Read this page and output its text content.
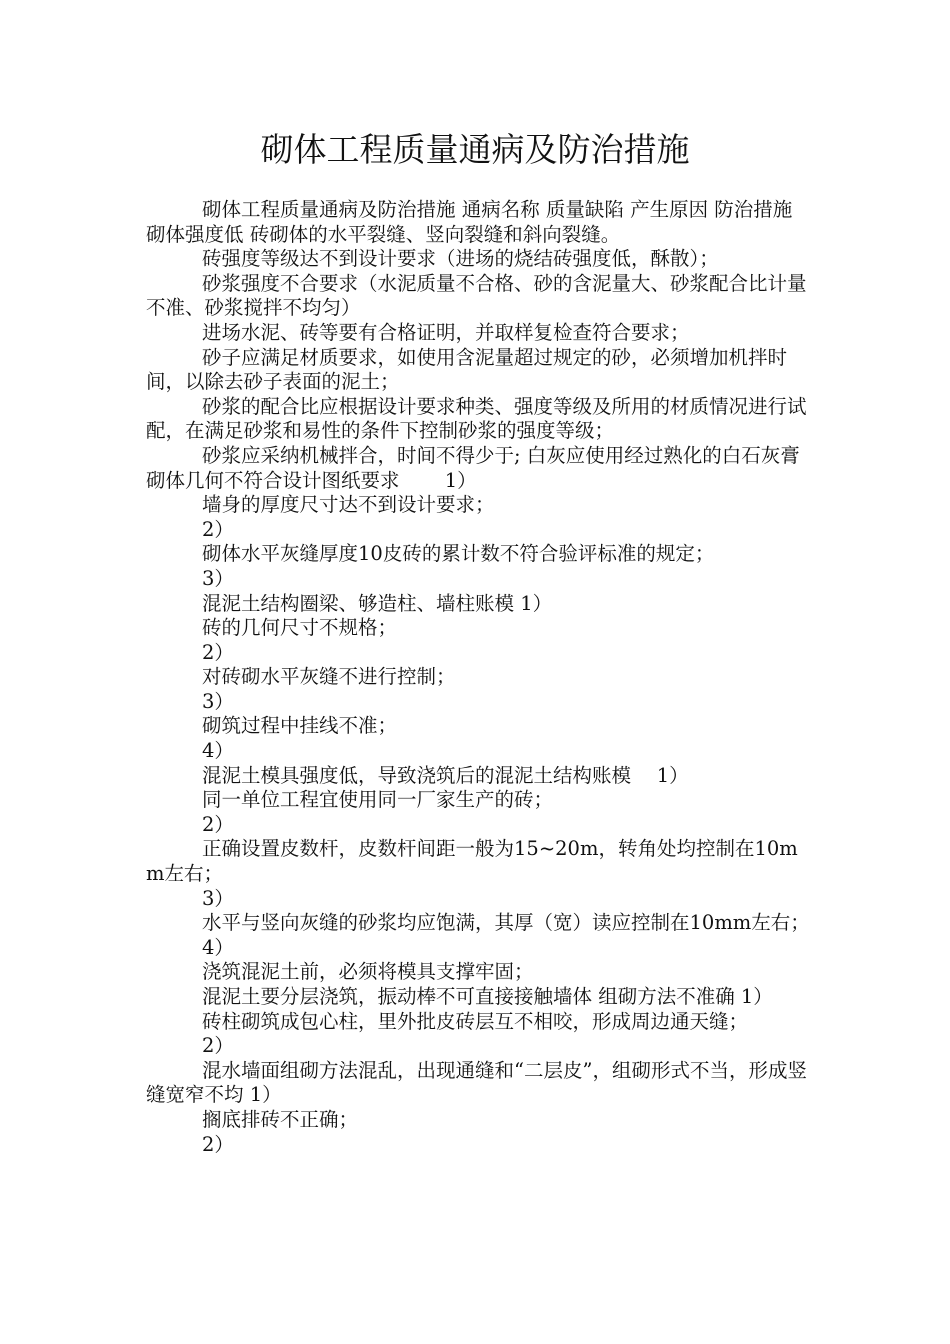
砌体工程质量通病及防治措施

砌体工程质量通病及防治措施 通病名称 质量缺陷 产生原因 防治措施 砌体强度低 砖砌体的水平裂缝、竖向裂缝和斜向裂缝。

砖强度等级达不到设计要求（进场的烧结砖强度低，酥散）；

砂浆强度不合要求（水泥质量不合格、砂的含泥量大、砂浆配合比计量不准、砂浆搅拌不均匀）

进场水泥、砖等要有合格证明，并取样复检查符合要求；

砂子应满足材质要求，如使用含泥量超过规定的砂，必须增加机拌时间，以除去砂子表面的泥土；

砂浆的配合比应根据设计要求种类、强度等级及所用的材质情况进行试配，在满足砂浆和易性的条件下控制砂浆的强度等级；

砂浆应采纳机械拌合，时间不得少于; 白灰应使用经过熟化的白石灰膏 砌体几何不符合设计图纸要求　　 1）

墙身的厚度尺寸达不到设计要求；

2）

砌体水平灰缝厚度10皮砖的累计数不符合验评标准的规定；

3）

混泥土结构圈梁、够造柱、墙柱账模 1）

砖的几何尺寸不规格；

2）

对砖砌水平灰缝不进行控制；

3）

砌筑过程中挂线不准；

4）

混泥土模具强度低，导致浇筑后的混泥土结构账模　 1）

同一单位工程宜使用同一厂家生产的砖；

2）

正确设置皮数杆，皮数杆间距一般为15~20m，转角处均控制在10mm左右；

3）

水平与竖向灰缝的砂浆均应饱满，其厚（宽）读应控制在10mm左右；

4）

浇筑混泥土前，必须将模具支撑牢固；

混泥土要分层浇筑，振动棒不可直接接触墙体 组砌方法不准确 1）

砖柱砌筑成包心柱，里外批皮砖层互不相咬，形成周边通天缝；

2）

混水墙面组砌方法混乱，出现通缝和“二层皮”，组砌形式不当，形成竖缝宽窄不均 1）

搁底排砖不正确；

2）
